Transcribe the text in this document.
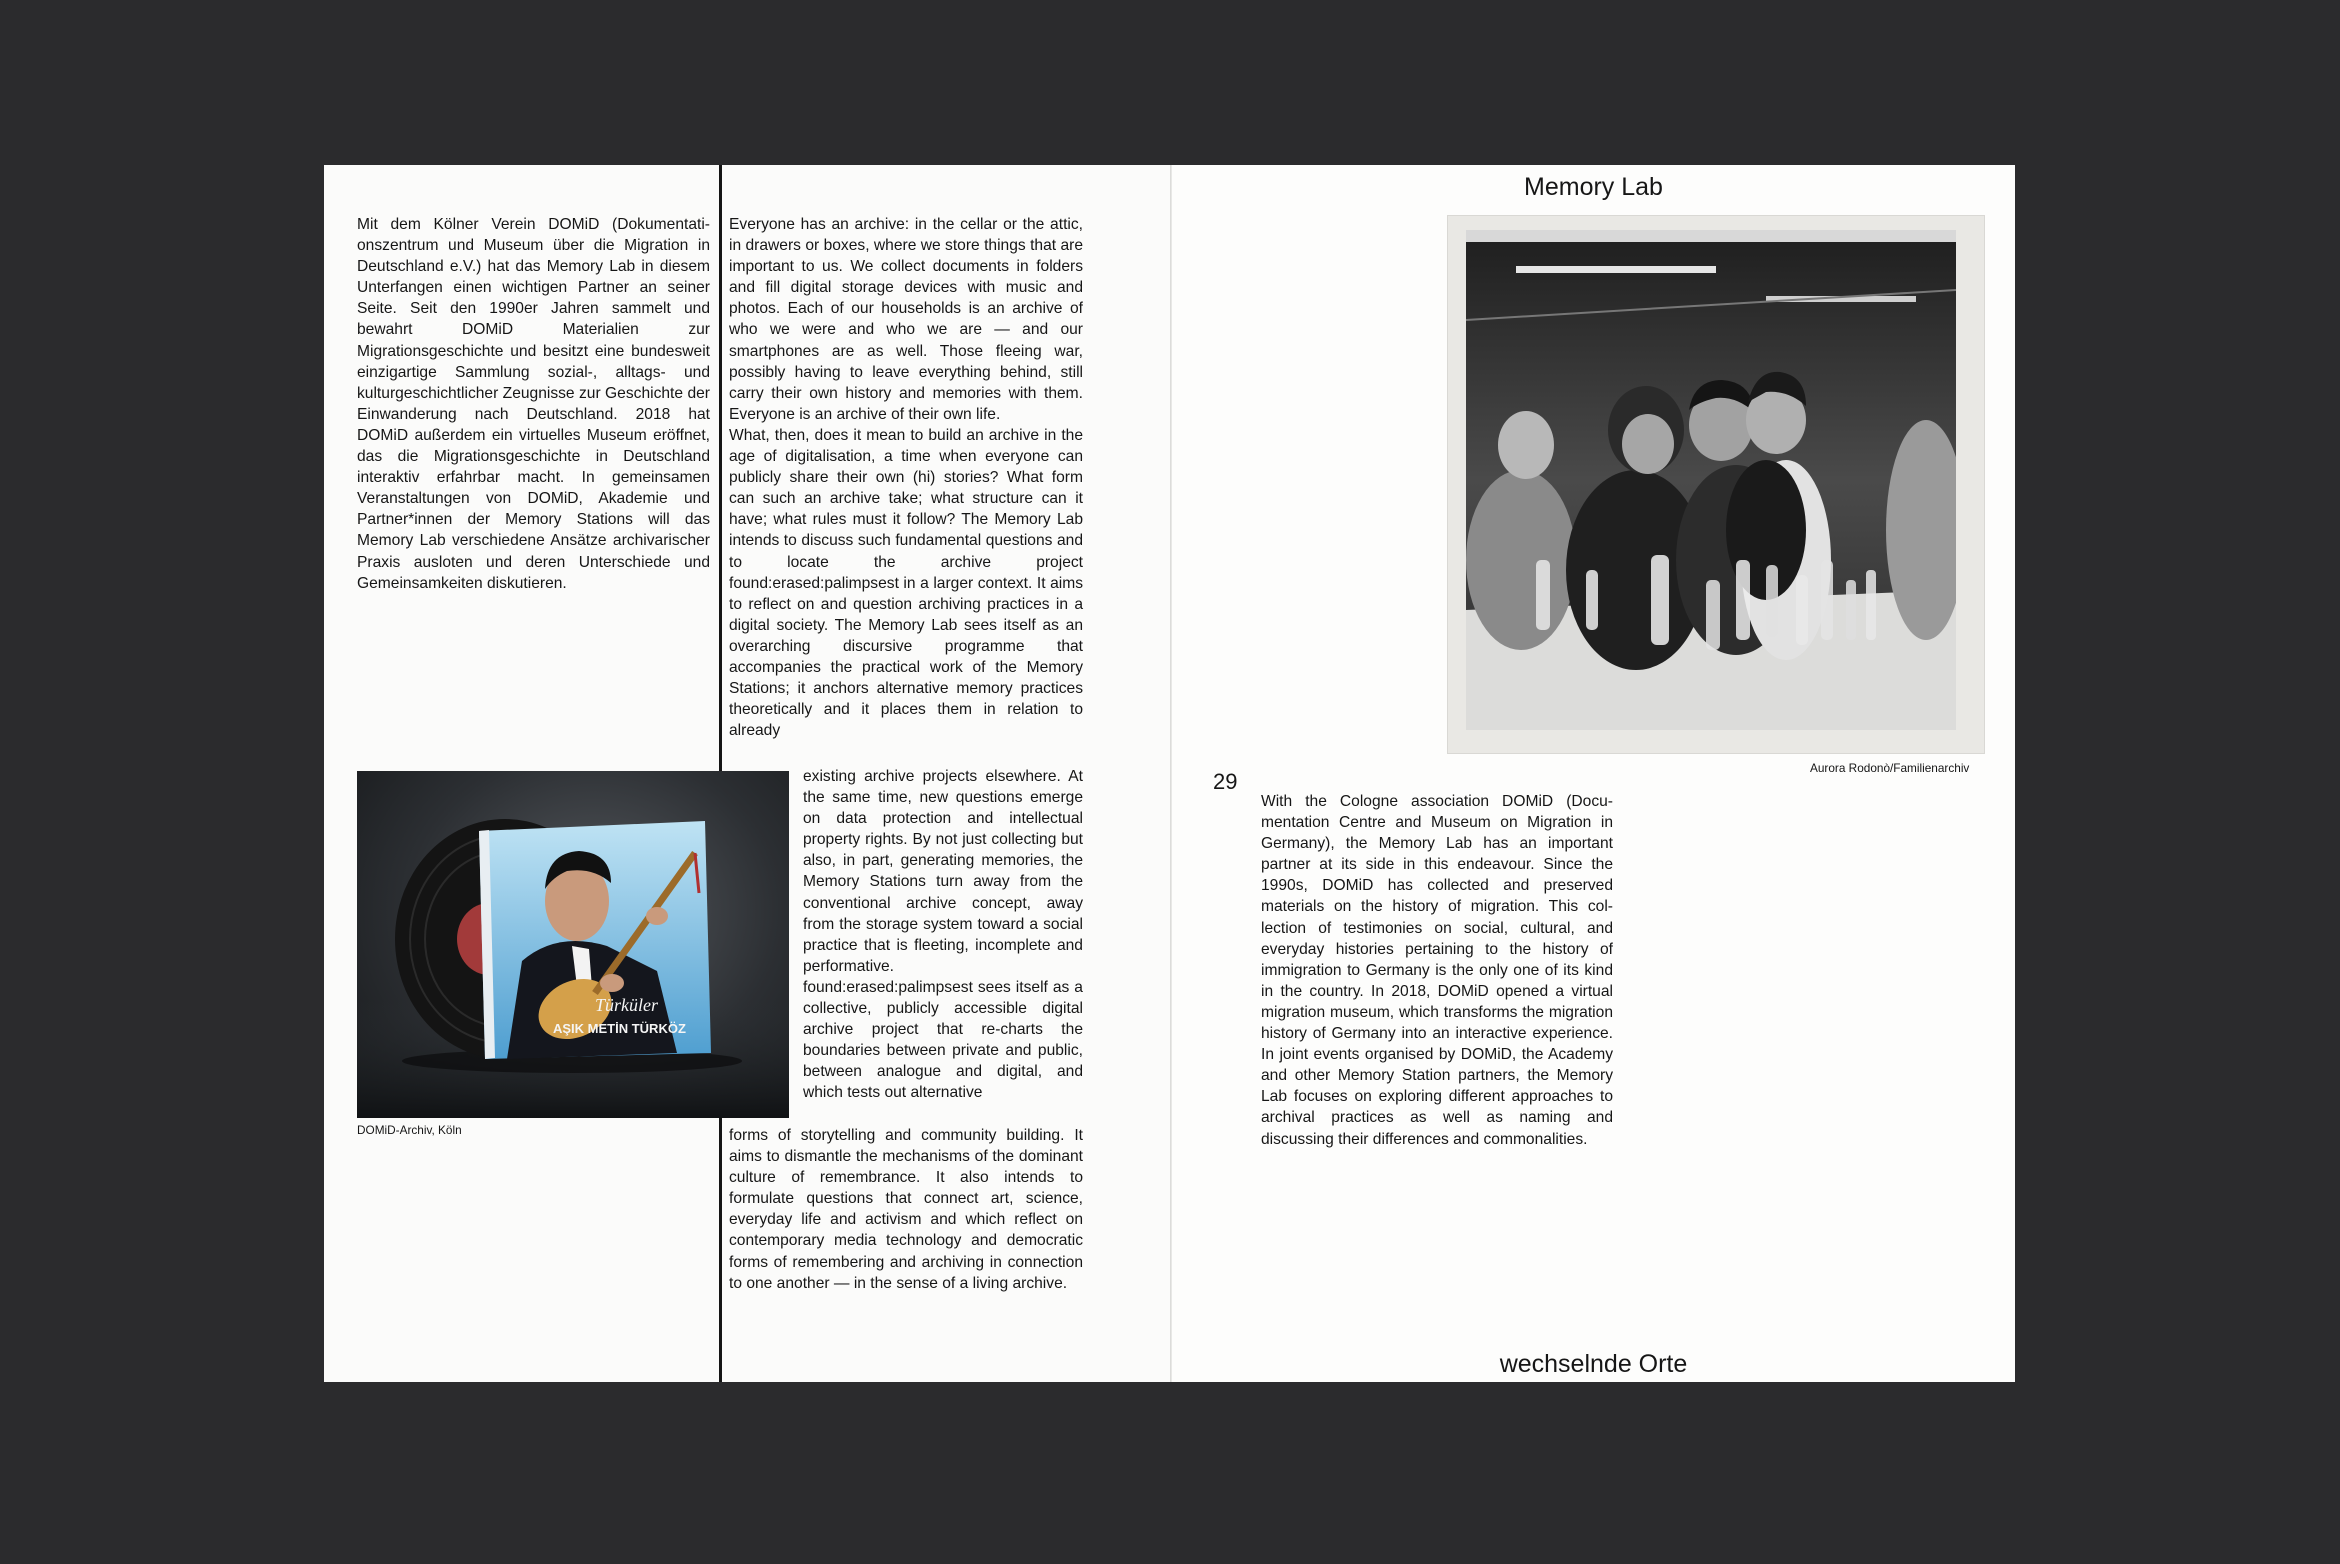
Mit dem Kölner Verein DOMiD (Dokumentationszentrum und Museum über die Migration in Deutschland e.V.) hat das Memory Lab in diesem Unterfangen einen wichtigen Partner an seiner Seite. Seit den 1990er Jahren sammelt und bewahrt DOMiD Materialien zur Migrationsgeschichte und besitzt eine bundesweit einzigartige Sammlung sozial-, alltags- und kulturgeschichtlicher Zeugnisse zur Geschichte der Einwanderung nach Deutschland. 2018 hat DOMiD außerdem ein virtuelles Museum eröffnet, das die Migrationsgeschichte in Deutschland interaktiv erfahrbar macht. In gemeinsamen Veranstaltungen von DOMiD, Akademie und Partner*innen der Memory Stations will das Memory Lab verschiedene Ansätze archivarischer Praxis ausloten und deren Unterschiede und Gemeinsamkeiten diskutieren.

Türküler
AŞIK METİN TÜRKÖZ

DOMiD-Archiv, Köln

Everyone has an archive: in the cellar or the attic, in drawers or boxes, where we store things that are important to us. We collect documents in folders and fill digital storage devices with music and photos. Each of our households is an archive of who we were and who we are — and our smartphones are as well. Those fleeing war, possibly having to leave everything behind, still carry their own history and memories with them. Everyone is an archive of their own life.

What, then, does it mean to build an archive in the age of digitalisation, a time when everyone can publicly share their own (hi) stories? What form can such an archive take; what structure can it have; what rules must it follow? The Memory Lab intends to discuss such fundamental questions and to locate the archive project found:erased:palimpsest in a larger context. It aims to reflect on and question archiving practices in a digital society. The Memory Lab sees itself as an overarching discursive programme that accompanies the practical work of the Memory Stations; it anchors alternative memory practices theoretically and it places them in relation to already

existing archive projects elsewhere. At the same time, new questions emerge on data protection and intellectual property rights. By not just collecting but also, in part, generating memories, the Memory Stations turn away from the conventional archive concept, away from the storage system toward a social practice that is fleeting, incomplete and performative.

found:erased:palimpsest sees itself as a collective, publicly accessible digital archive project that re-charts the boundaries between private and public, between analogue and digital, and which tests out alternative

forms of storytelling and community building. It aims to dismantle the mechanisms of the dominant culture of remembrance. It also intends to formulate questions that connect art, science, everyday life and activism and which reflect on contemporary media technology and democratic forms of remembering and archiving in connection to one another — in the sense of a living archive.

Memory Lab

Aurora Rodonò/Familienarchiv

29

With the Cologne association DOMiD (Documentation Centre and Museum on Migration in Germany), the Memory Lab has an important partner at its side in this endeavour. Since the 1990s, DOMiD has collected and preserved materials on the history of migration. This collection of testimonies on social, cultural, and everyday histories pertaining to the history of immigration to Germany is the only one of its kind in the country. In 2018, DOMiD opened a virtual migration museum, which transforms the migration history of Germany into an interactive experience. In joint events organised by DOMiD, the Academy and other Memory Station partners, the Memory Lab focuses on exploring different approaches to archival practices as well as naming and discussing their differences and commonalities.

wechselnde Orte
